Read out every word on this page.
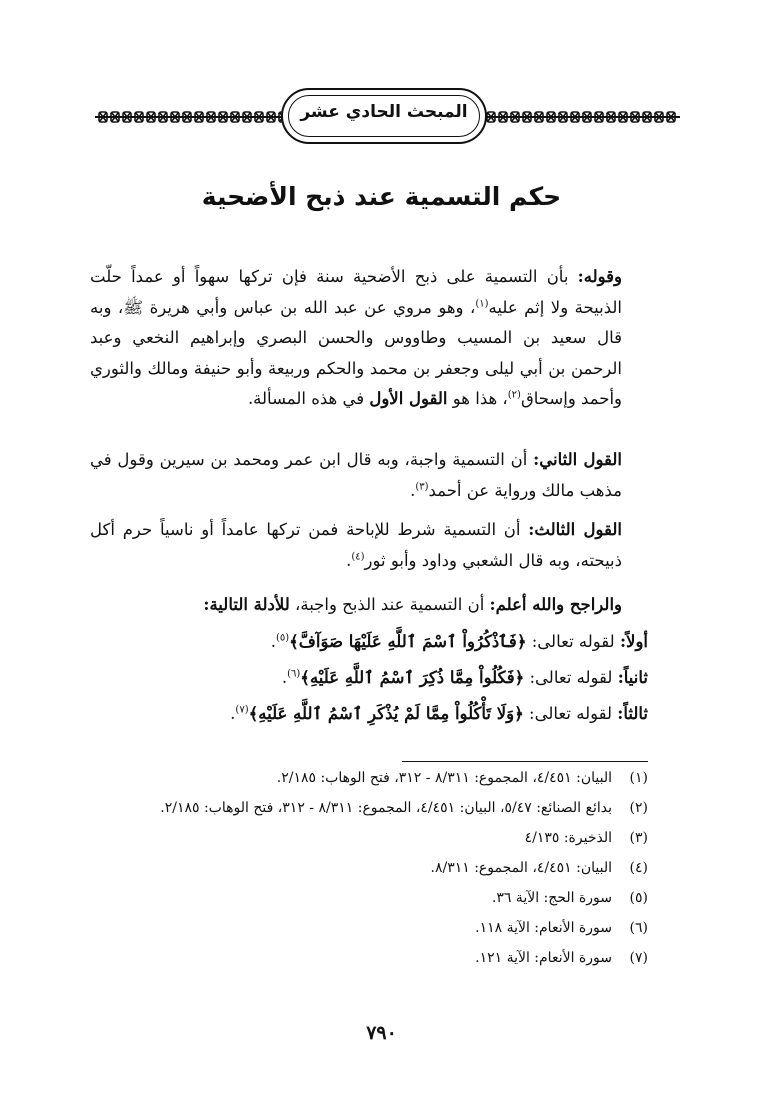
المبحث الحادي عشر
حكم التسمية عند ذبح الأضحية

وقوله: بأن التسمية على ذبح الأضحية سنة فإن تركها سهواً أو عمداً حلّت الذبيحة ولا إثم عليه$^{(١)}$، وهو مروي عن عبد الله بن عباس وأبي هريرة ﷺ، وبه قال سعيد بن المسيب وطاووس والحسن البصري وإبراهيم النخعي وعبد الرحمن بن أبي ليلى وجعفر بن محمد والحكم وربيعة وأبو حنيفة ومالك والثوري وأحمد وإسحاق$^{(٢)}$، هذا هو القول الأول في هذه المسألة.

القول الثاني: أن التسمية واجبة، وبه قال ابن عمر ومحمد بن سيرين وقول في مذهب مالك ورواية عن أحمد$^{(٣)}$.

القول الثالث: أن التسمية شرط للإباحة فمن تركها عامداً أو ناسياً حرم أكل ذبيحته، وبه قال الشعبي وداود وأبو ثور$^{(٤)}$.

والراجح والله أعلم: أن التسمية عند الذبح واجبة، للأدلة التالية:

أولاً: لقوله تعالى: ﴿فَٱذْكُرُواْ ٱسْمَ ٱللَّهِ عَلَيْهَا صَوَآفَّ﴾$^{(٥)}$.

ثانياً: لقوله تعالى: ﴿فَكُلُواْ مِمَّا ذُكِرَ ٱسْمُ ٱللَّهِ عَلَيْهِ﴾$^{(٦)}$.

ثالثاً: لقوله تعالى: ﴿وَلَا تَأْكُلُواْ مِمَّا لَمْ يُذْكَرِ ٱسْمُ ٱللَّهِ عَلَيْهِ﴾$^{(٧)}$.

(١)
البيان: ٤/٤٥١، المجموع: ٨/٣١١ - ٣١٢، فتح الوهاب: ٢/١٨٥.
(٢)
بدائع الصنائع: ٥/٤٧، البيان: ٤/٤٥١، المجموع: ٨/٣١١ - ٣١٢، فتح الوهاب: ٢/١٨٥.
(٣)
الذخيرة: ٤/١٣٥
(٤)
البيان: ٤/٤٥١، المجموع: ٨/٣١١.
(٥)
سورة الحج: الآية ٣٦.
(٦)
سورة الأنعام: الآية ١١٨.
(٧)
سورة الأنعام: الآية ١٢١.
٧٩٠
